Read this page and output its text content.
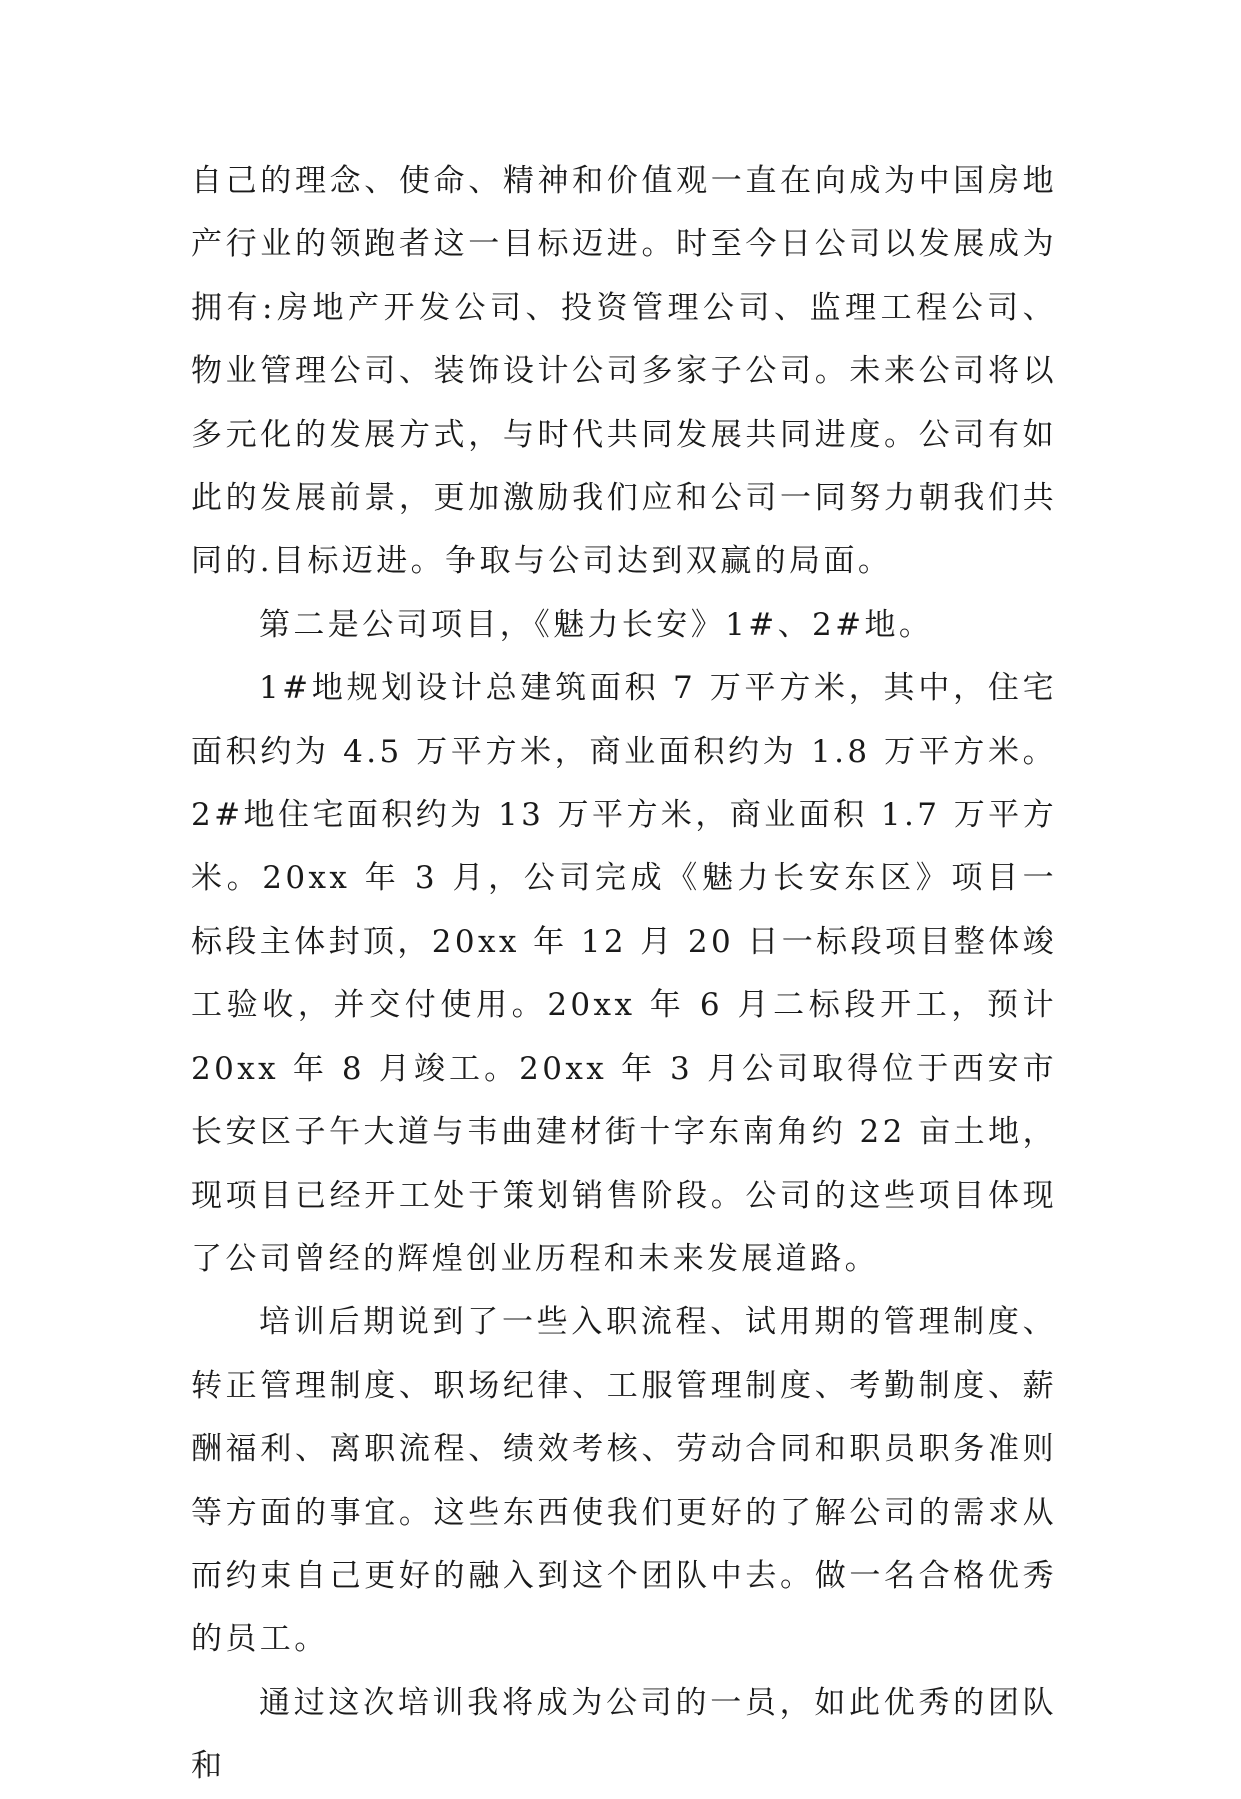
自己的理念、使命、精神和价值观一直在向成为中国房地产行业的领跑者这一目标迈进。时至今日公司以发展成为拥有:房地产开发公司、投资管理公司、监理工程公司、物业管理公司、装饰设计公司多家子公司。未来公司将以多元化的发展方式，与时代共同发展共同进度。公司有如此的发展前景，更加激励我们应和公司一同努力朝我们共同的.目标迈进。争取与公司达到双赢的局面。

第二是公司项目，《魅力长安》1#、2#地。

1#地规划设计总建筑面积 7 万平方米，其中，住宅面积约为 4.5 万平方米，商业面积约为 1.8 万平方米。2#地住宅面积约为 13 万平方米，商业面积 1.7 万平方米。20xx 年 3 月，公司完成《魅力长安东区》项目一标段主体封顶，20xx 年 12 月 20 日一标段项目整体竣工验收，并交付使用。20xx 年 6 月二标段开工，预计 20xx 年 8 月竣工。20xx 年 3 月公司取得位于西安市长安区子午大道与韦曲建材街十字东南角约 22 亩土地，现项目已经开工处于策划销售阶段。公司的这些项目体现了公司曾经的辉煌创业历程和未来发展道路。

培训后期说到了一些入职流程、试用期的管理制度、转正管理制度、职场纪律、工服管理制度、考勤制度、薪酬福利、离职流程、绩效考核、劳动合同和职员职务准则等方面的事宜。这些东西使我们更好的了解公司的需求从而约束自己更好的融入到这个团队中去。做一名合格优秀的员工。

通过这次培训我将成为公司的一员，如此优秀的团队和
